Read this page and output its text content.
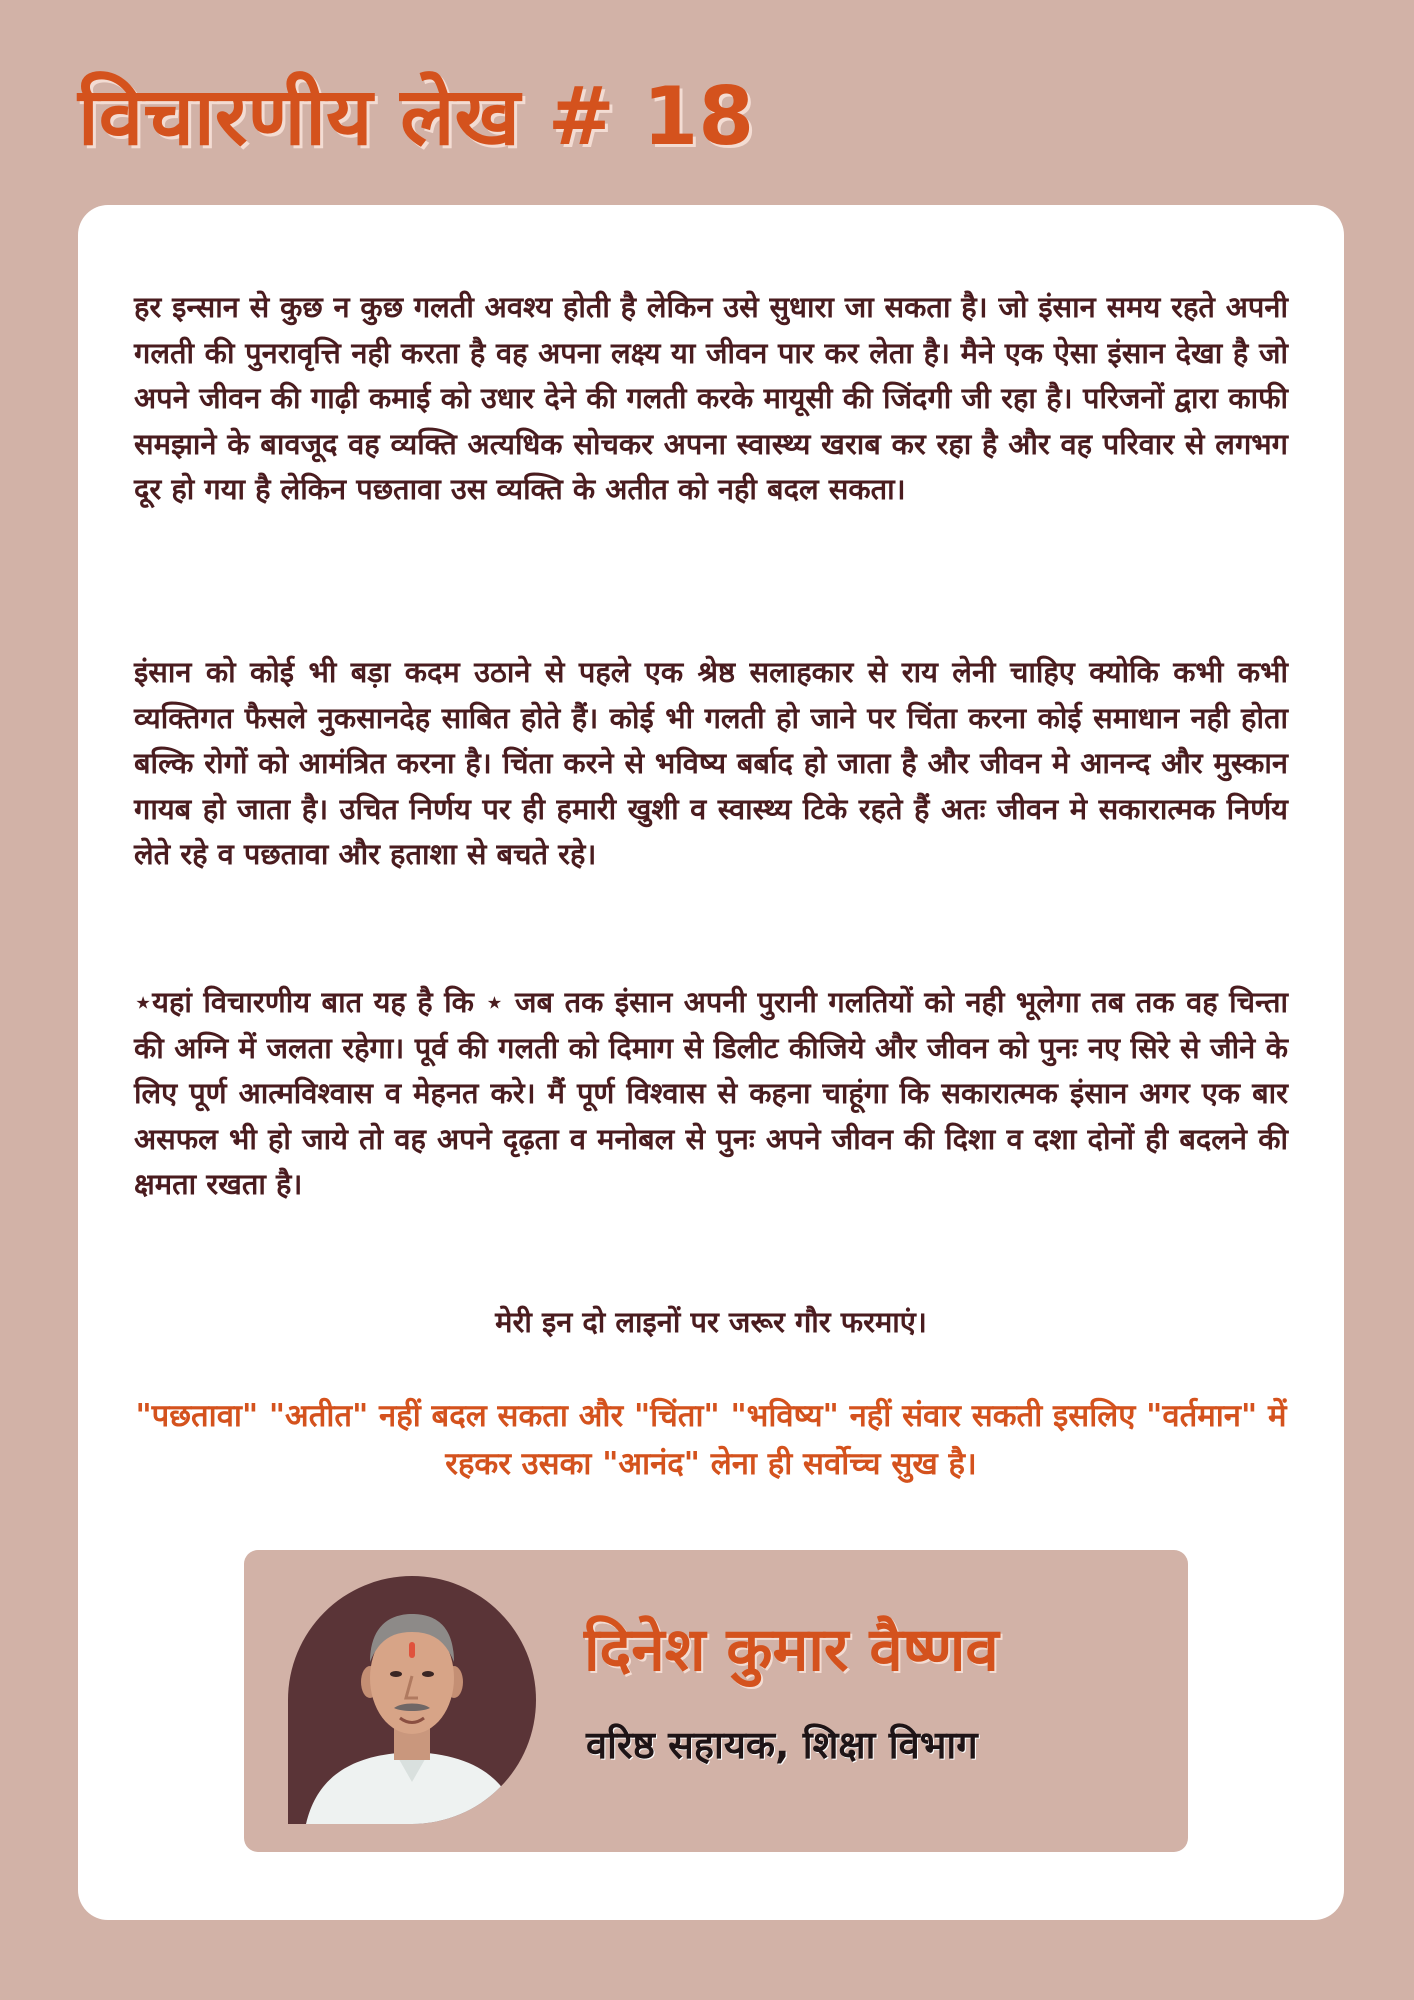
विचारणीय लेख # 18

हर इन्सान से कुछ न कुछ गलती अवश्य होती है लेकिन उसे सुधारा जा सकता है। जो इंसान समय रहते अपनी गलती की पुनरावृत्ति नही करता है वह अपना लक्ष्य या जीवन पार कर लेता है। मैने एक ऐसा इंसान देखा है जो अपने जीवन की गाढ़ी कमाई को उधार देने की गलती करके मायूसी की जिंदगी जी रहा है। परिजनों द्वारा काफी समझाने के बावजूद वह व्यक्ति अत्यधिक सोचकर अपना स्वास्थ्य खराब कर रहा है और वह परिवार से लगभग दूर हो गया है लेकिन पछतावा उस व्यक्ति के अतीत को नही बदल सकता।

इंसान को कोई भी बड़ा कदम उठाने से पहले एक श्रेष्ठ सलाहकार से राय लेनी चाहिए क्योकि कभी कभी व्यक्तिगत फैसले नुकसानदेह साबित होते हैं। कोई भी गलती हो जाने पर चिंता करना कोई समाधान नही होता बल्कि रोगों को आमंत्रित करना है। चिंता करने से भविष्य बर्बाद हो जाता है और जीवन मे आनन्द और मुस्कान गायब हो जाता है। उचित निर्णय पर ही हमारी खुशी व स्वास्थ्य टिके रहते हैं अतः जीवन मे सकारात्मक निर्णय लेते रहे व पछतावा और हताशा से बचते रहे।

⋆यहां विचारणीय बात यह है कि ⋆ जब तक इंसान अपनी पुरानी गलतियों को नही भूलेगा तब तक वह चिन्ता की अग्नि में जलता रहेगा। पूर्व की गलती को दिमाग से डिलीट कीजिये और जीवन को पुनः नए सिरे से जीने के लिए पूर्ण आत्मविश्वास व मेहनत करे। मैं पूर्ण विश्वास से कहना चाहूंगा कि सकारात्मक इंसान अगर एक बार असफल भी हो जाये तो वह अपने दृढ़ता व मनोबल से पुनः अपने जीवन की दिशा व दशा दोनों ही बदलने की क्षमता रखता है।

मेरी इन दो लाइनों पर जरूर गौर फरमाएं।

"पछतावा" "अतीत" नहीं बदल सकता और "चिंता" "भविष्य" नहीं संवार सकती इसलिए "वर्तमान" में रहकर उसका "आनंद" लेना ही सर्वोच्च सुख है।

दिनेश कुमार वैष्णव

वरिष्ठ सहायक, शिक्षा विभाग
